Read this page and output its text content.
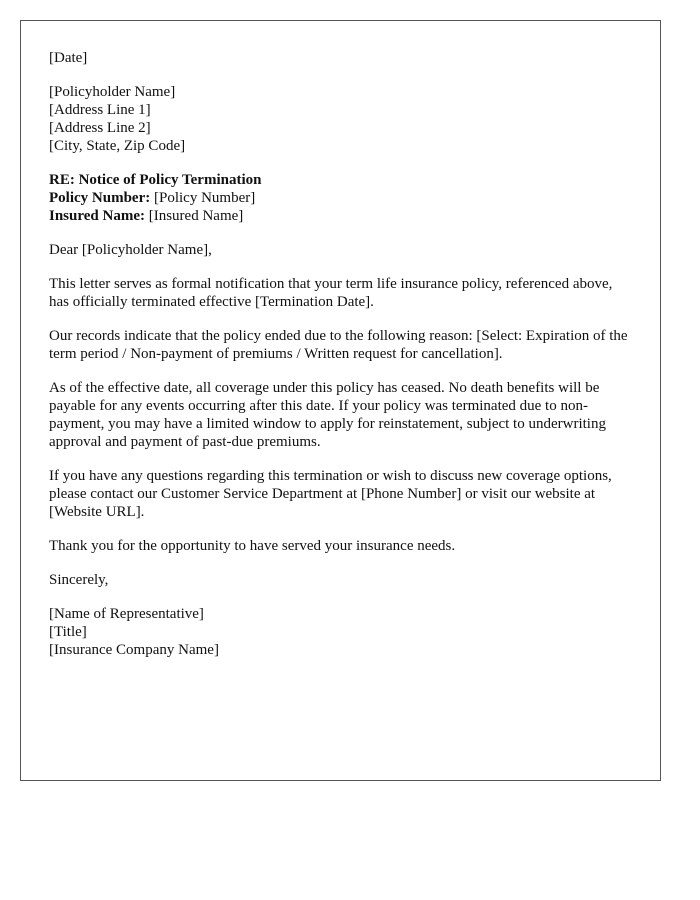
[Date]

[Policyholder Name]
[Address Line 1]
[Address Line 2]
[City, State, Zip Code]

RE: Notice of Policy Termination
Policy Number: [Policy Number]
Insured Name: [Insured Name]

Dear [Policyholder Name],

This letter serves as formal notification that your term life insurance policy, referenced above, has officially terminated effective [Termination Date].

Our records indicate that the policy ended due to the following reason: [Select: Expiration of the term period / Non-payment of premiums / Written request for cancellation].

As of the effective date, all coverage under this policy has ceased. No death benefits will be payable for any events occurring after this date. If your policy was terminated due to non-payment, you may have a limited window to apply for reinstatement, subject to underwriting approval and payment of past-due premiums.

If you have any questions regarding this termination or wish to discuss new coverage options, please contact our Customer Service Department at [Phone Number] or visit our website at [Website URL].

Thank you for the opportunity to have served your insurance needs.

Sincerely,

[Name of Representative]
[Title]
[Insurance Company Name]
